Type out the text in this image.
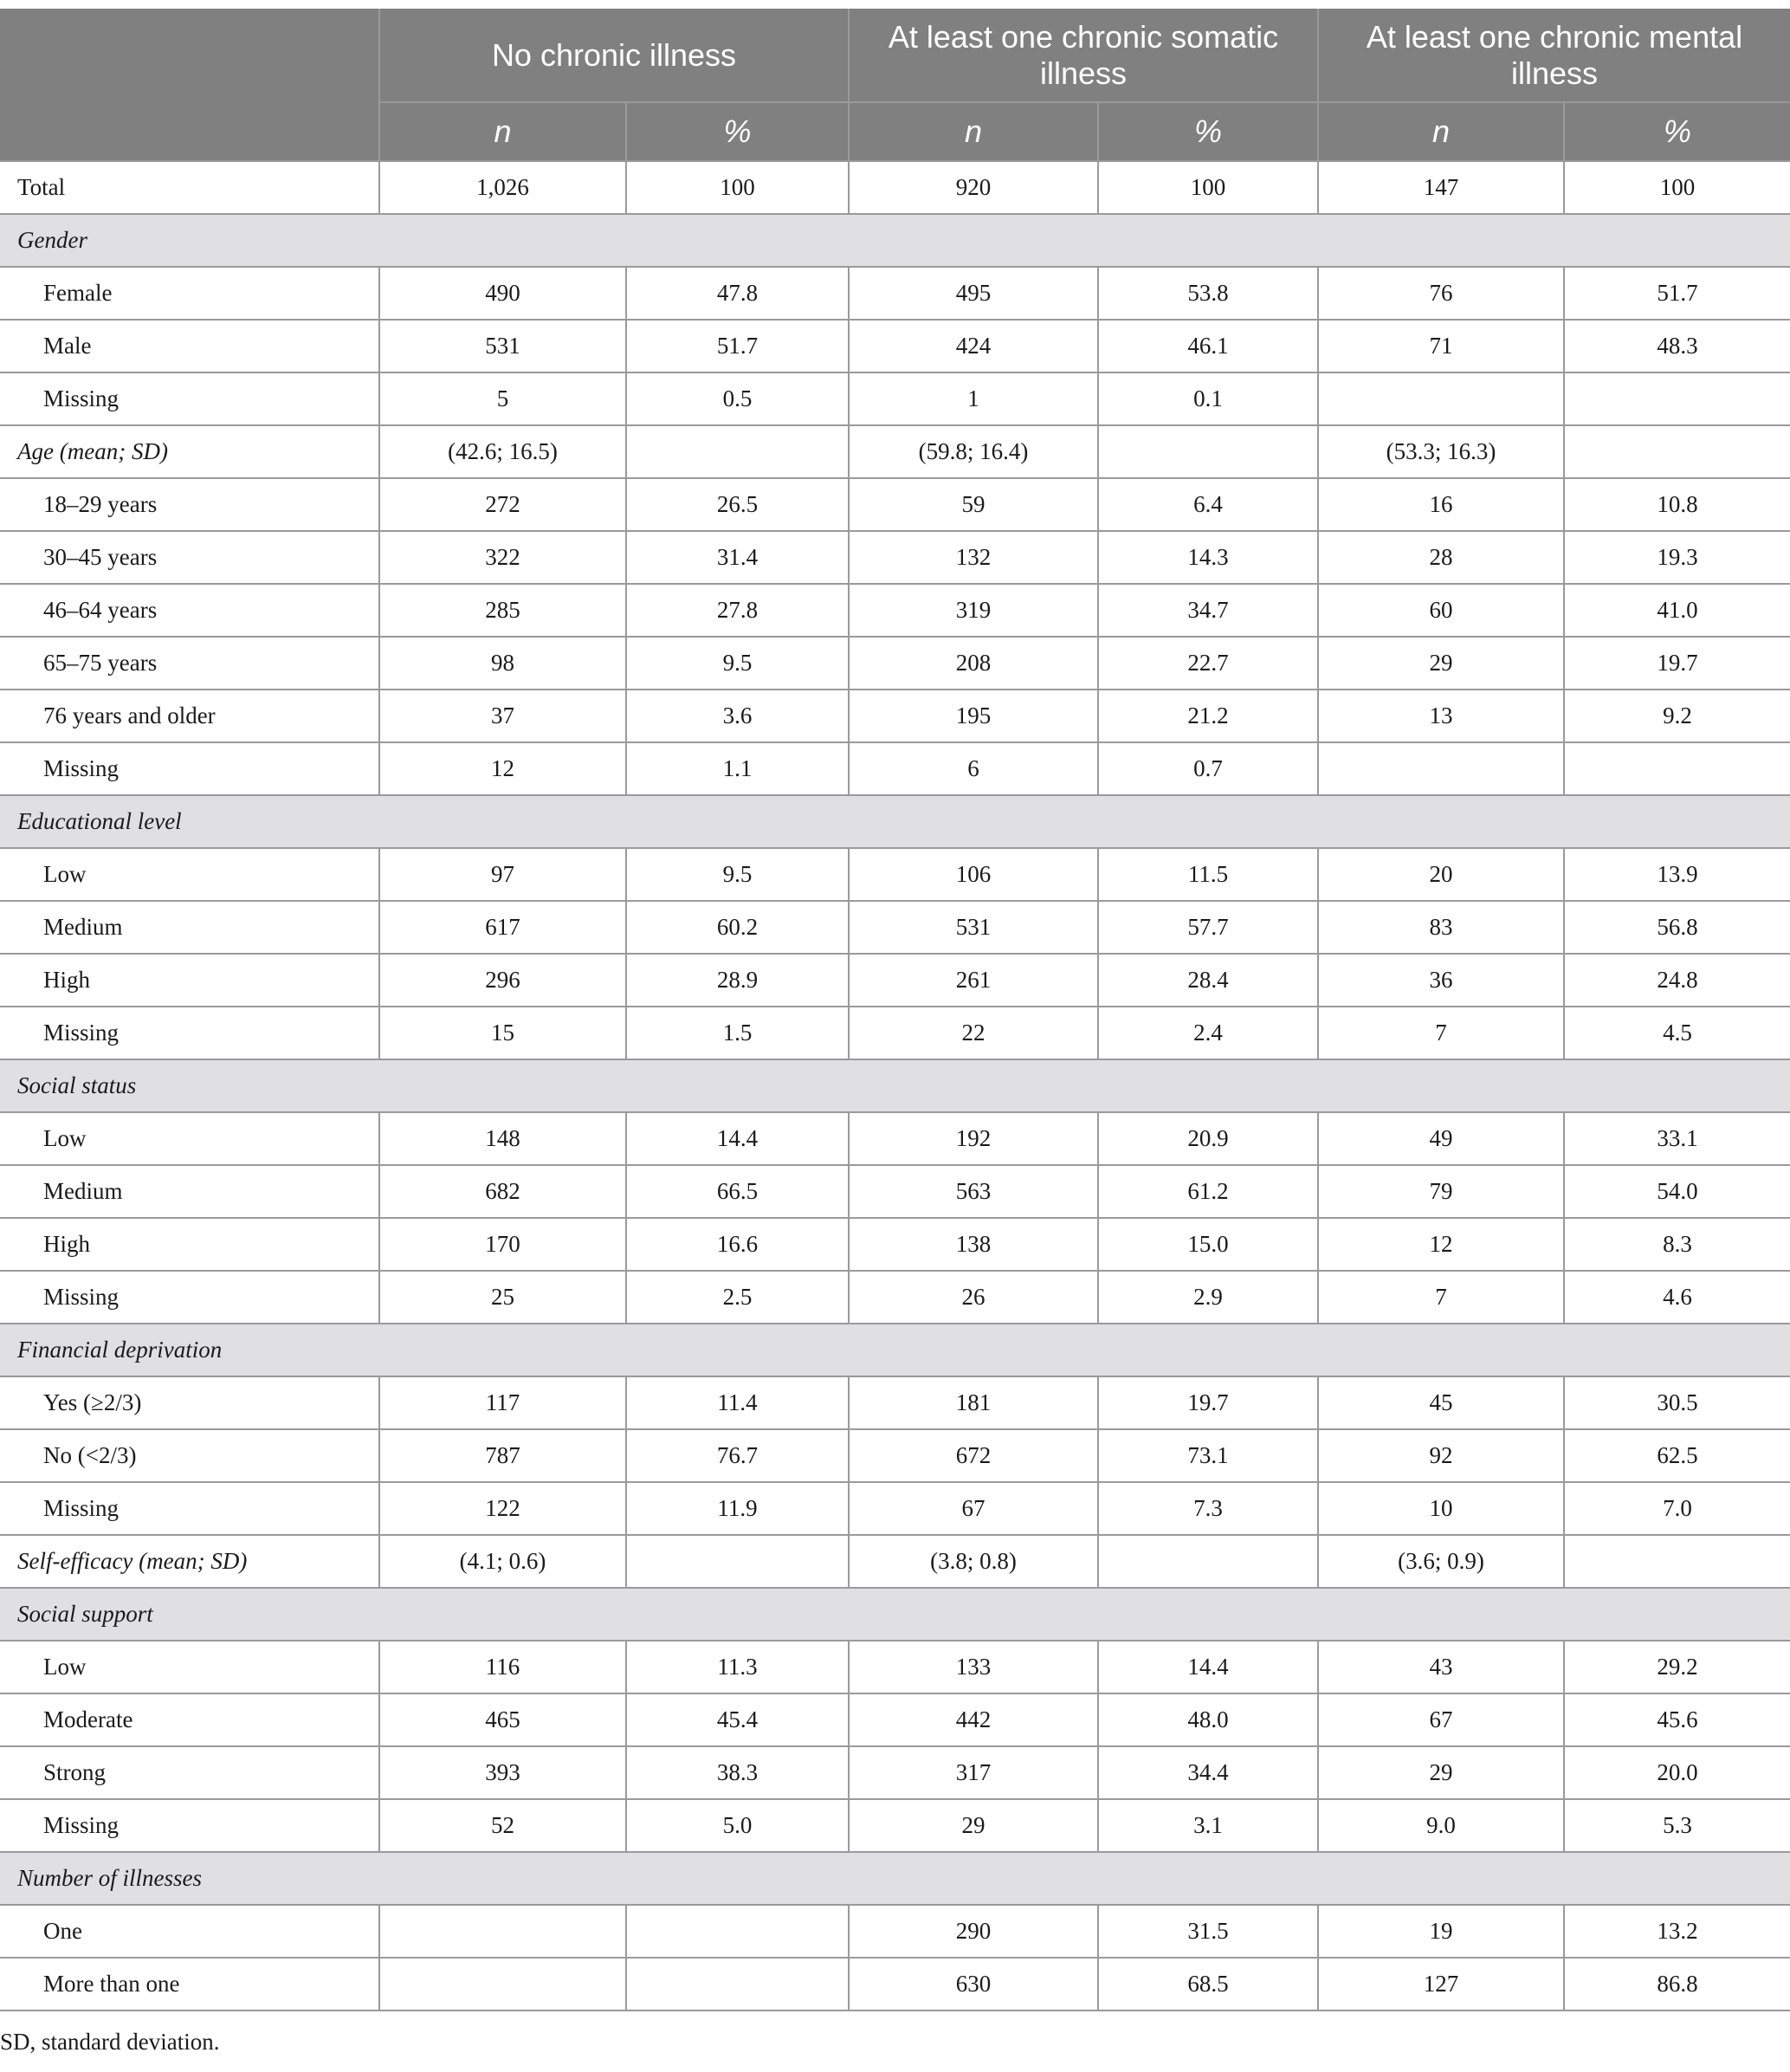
	No chronic illness		At least one chronic somatic illness		At least one chronic mental illness	
	n	%	n	%	n	%
Total	1,026	100	920	100	147	100
Gender						
Female	490	47.8	495	53.8	76	51.7
Male	531	51.7	424	46.1	71	48.3
Missing	5	0.5	1	0.1		
Age (mean; SD)	(42.6; 16.5)		(59.8; 16.4)		(53.3; 16.3)	
18–29 years	272	26.5	59	6.4	16	10.8
30–45 years	322	31.4	132	14.3	28	19.3
46–64 years	285	27.8	319	34.7	60	41.0
65–75 years	98	9.5	208	22.7	29	19.7
76 years and older	37	3.6	195	21.2	13	9.2
Missing	12	1.1	6	0.7		
Educational level						
Low	97	9.5	106	11.5	20	13.9
Medium	617	60.2	531	57.7	83	56.8
High	296	28.9	261	28.4	36	24.8
Missing	15	1.5	22	2.4	7	4.5
Social status						
Low	148	14.4	192	20.9	49	33.1
Medium	682	66.5	563	61.2	79	54.0
High	170	16.6	138	15.0	12	8.3
Missing	25	2.5	26	2.9	7	4.6
Financial deprivation						
Yes (≥2/3)	117	11.4	181	19.7	45	30.5
No (<2/3)	787	76.7	672	73.1	92	62.5
Missing	122	11.9	67	7.3	10	7.0
Self-efficacy (mean; SD)	(4.1; 0.6)		(3.8; 0.8)		(3.6; 0.9)	
Social support						
Low	116	11.3	133	14.4	43	29.2
Moderate	465	45.4	442	48.0	67	45.6
Strong	393	38.3	317	34.4	29	20.0
Missing	52	5.0	29	3.1	9.0	5.3
Number of illnesses						
One			290	31.5	19	13.2
More than one			630	68.5	127	86.8
SD, standard deviation.
